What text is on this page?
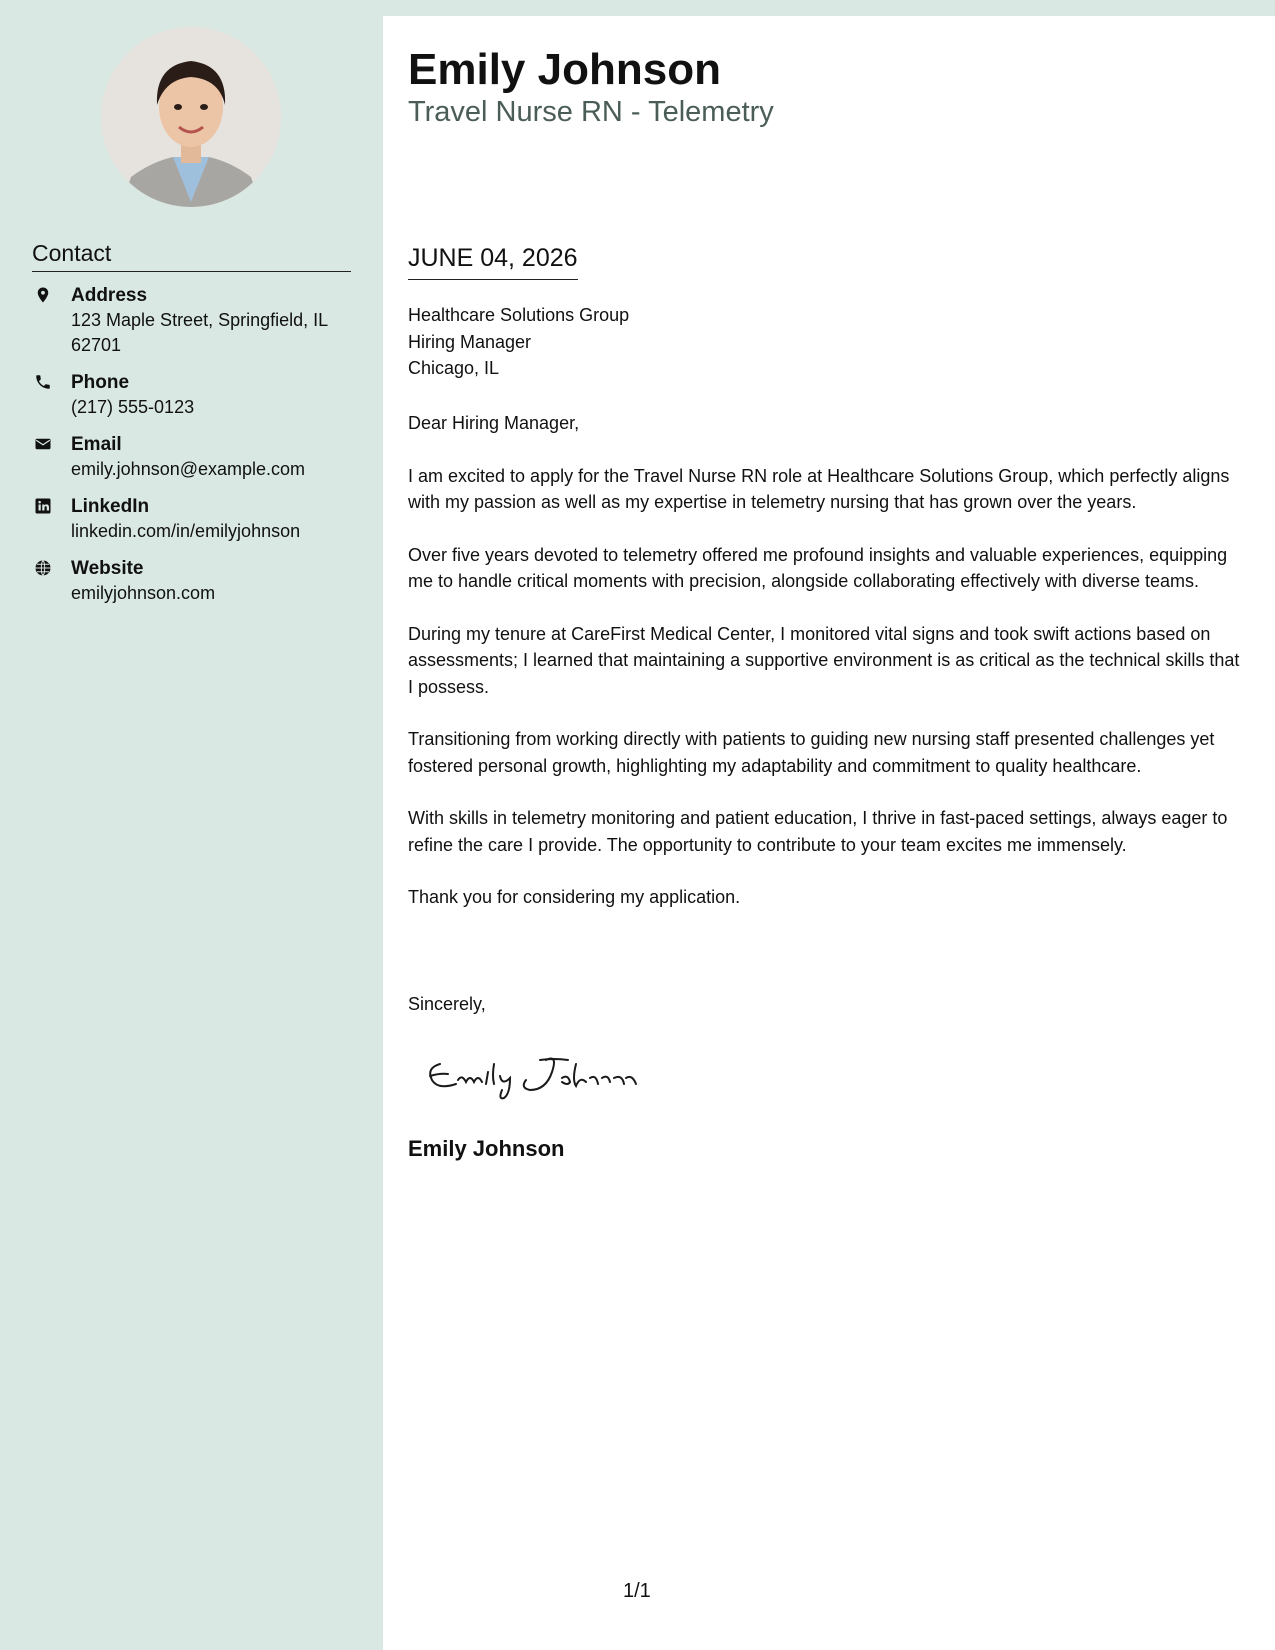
Contact
Address
123 Maple Street, Springfield, IL 62701
Phone
(217) 555-0123
Email
emily.johnson@example.com
LinkedIn
linkedin.com/in/emilyjohnson
Website
emilyjohnson.com
Emily Johnson
Travel Nurse RN - Telemetry
JUNE 04, 2026
Healthcare Solutions Group
Hiring Manager
Chicago, IL

Dear Hiring Manager,

I am excited to apply for the Travel Nurse RN role at Healthcare Solutions Group, which perfectly aligns with my passion as well as my expertise in telemetry nursing that has grown over the years.

Over five years devoted to telemetry offered me profound insights and valuable experiences, equipping me to handle critical moments with precision, alongside collaborating effectively with diverse teams.

During my tenure at CareFirst Medical Center, I monitored vital signs and took swift actions based on assessments; I learned that maintaining a supportive environment is as critical as the technical skills that I possess.

Transitioning from working directly with patients to guiding new nursing staff presented challenges yet fostered personal growth, highlighting my adaptability and commitment to quality healthcare.

With skills in telemetry monitoring and patient education, I thrive in fast-paced settings, always eager to refine the care I provide. The opportunity to contribute to your team excites me immensely.

Thank you for considering my application.

Sincerely,
Emily Johnson
1/1
